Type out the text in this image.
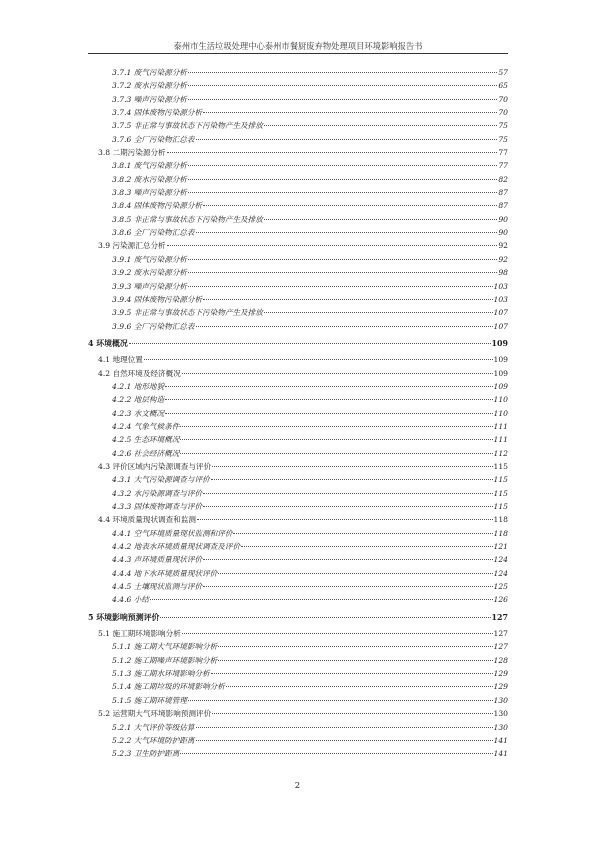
泰州市生活垃圾处理中心泰州市餐厨废弃物处理项目环境影响报告书
3.7.1 废气污染源分析	57
3.7.2 废水污染源分析	65
3.7.3 噪声污染源分析	70
3.7.4 固体废物污染源分析	70
3.7.5 非正常与事故状态下污染物产生及排放	75
3.7.6 全厂污染物汇总表	75
3.8 二期污染源分析	77
3.8.1 废气污染源分析	77
3.8.2 废水污染源分析	82
3.8.3 噪声污染源分析	87
3.8.4 固体废物污染源分析	87
3.8.5 非正常与事故状态下污染物产生及排放	90
3.8.6 全厂污染物汇总表	90
3.9 污染源汇总分析	92
3.9.1 废气污染源分析	92
3.9.2 废水污染源分析	98
3.9.3 噪声污染源分析	103
3.9.4 固体废物污染源分析	103
3.9.5 非正常与事故状态下污染物产生及排放	107
3.9.6 全厂污染物汇总表	107
4 环境概况	109
4.1 地理位置	109
4.2 自然环境及经济概况	109
4.2.1 地形地貌	109
4.2.2 地层构造	110
4.2.3 水文概况	110
4.2.4 气象气候条件	111
4.2.5 生态环境概况	111
4.2.6 社会经济概况	112
4.3 评价区域内污染源调查与评价	115
4.3.1 大气污染源调查与评价	115
4.3.2 水污染源调查与评价	115
4.3.3 固体废物调查与评价	115
4.4 环境质量现状调查和监测	118
4.4.1 空气环境质量现状监测和评价	118
4.4.2 地表水环境质量现状调查及评价	121
4.4.3 声环境质量现状评价	124
4.4.4 地下水环境质量现状评价	124
4.4.5 土壤现状监测与评价	125
4.4.6 小结	126
5 环境影响预测评价	127
5.1 施工期环境影响分析	127
5.1.1 施工期大气环境影响分析	127
5.1.2 施工期噪声环境影响分析	128
5.1.3 施工期水环境影响分析	129
5.1.4 施工期垃圾的环境影响分析	129
5.1.5 施工期环境管理	130
5.2 运营期大气环境影响预测评价	130
5.2.1 大气评价等级估算	130
5.2.2 大气环境防护距离	141
5.2.3 卫生防护距离	141
2
